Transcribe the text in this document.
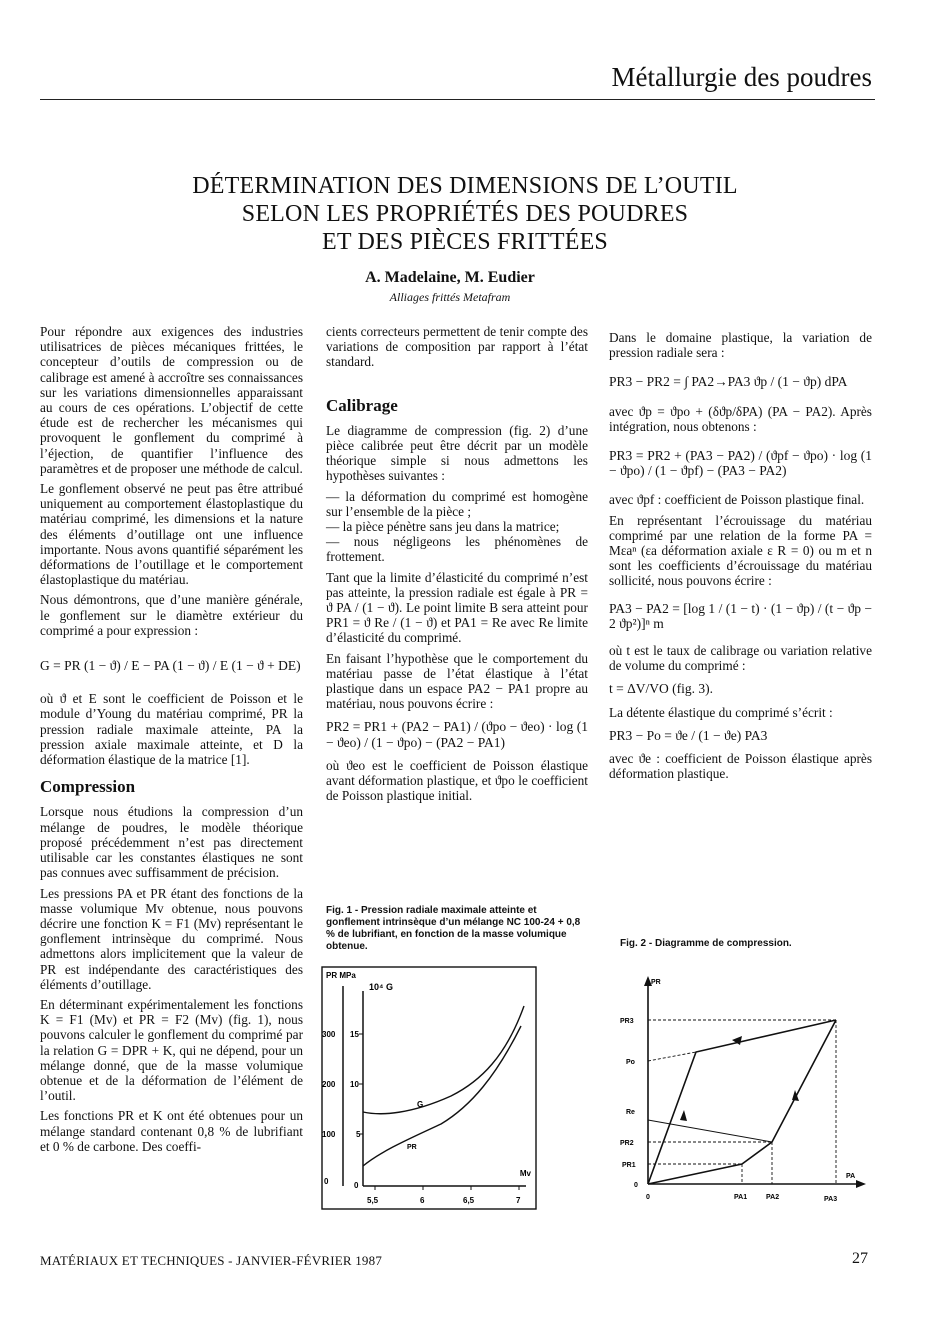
Métallurgie des poudres
DÉTERMINATION DES DIMENSIONS DE L’OUTIL
SELON LES PROPRIÉTÉS DES POUDRES
ET DES PIÈCES FRITTÉES
A. Madelaine, M. Eudier
Alliages frittés Metafram

Pour répondre aux exigences des industries utilisatrices de pièces mécaniques frittées, le concepteur d’outils de compression ou de calibrage est amené à accroître ses connaissances sur les variations dimensionnelles apparaissant au cours de ces opérations. L’objectif de cette étude est de rechercher les mécanismes qui provoquent le gonflement du comprimé à l’éjection, de quantifier l’influence des paramètres et de proposer une méthode de calcul.

Le gonflement observé ne peut pas être attribué uniquement au comportement élastoplastique du matériau comprimé, les dimensions et la nature des éléments d’outillage ont une influence importante. Nous avons quantifié séparément les déformations de l’outillage et le comportement élastoplastique du matériau.

Nous démontrons, que d’une manière générale, le gonflement sur le diamètre extérieur du comprimé a pour expression :

G = PR (1 − ϑ) / E − PA (1 − ϑ) / E (1 − ϑ + DE)

où ϑ et E sont le coefficient de Poisson et le module d’Young du matériau comprimé, PR la pression radiale maximale atteinte, PA la pression axiale maximale atteinte, et D la déformation élastique de la matrice [1].

Compression

Lorsque nous étudions la compression d’un mélange de poudres, le modèle théorique proposé précédemment n’est pas directement utilisable car les constantes élastiques ne sont pas connues avec suffisamment de précision.

Les pressions PA et PR étant des fonctions de la masse volumique Mv obtenue, nous pouvons décrire une fonction K = F1 (Mv) représentant le gonflement intrinsèque du comprimé. Nous admettons alors implicitement que la valeur de PR est indépendante des caractéristiques des éléments d’outillage.

En déterminant expérimentalement les fonctions K = F1 (Mv) et PR = F2 (Mv) (fig. 1), nous pouvons calculer le gonflement du comprimé par la relation G = DPR + K, qui ne dépend, pour un mélange donné, que de la masse volumique obtenue et de la déformation de l’élément de l’outil.

Les fonctions PR et K ont été obtenues pour un mélange standard contenant 0,8 % de lubrifiant et 0 % de carbone. Des coeffi-

cients correcteurs permettent de tenir compte des variations de composition par rapport à l’état standard.

Calibrage

Le diagramme de compression (fig. 2) d’une pièce calibrée peut être décrit par un modèle théorique simple si nous admettons les hypothèses suivantes :

— la déformation du comprimé est homogène sur l’ensemble de la pièce ;
— la pièce pénètre sans jeu dans la matrice;

— nous négligeons les phénomènes de frottement.

Tant que la limite d’élasticité du comprimé n’est pas atteinte, la pression radiale est égale à PR = ϑ PA / (1 − ϑ). Le point limite B sera atteint pour PR1 = ϑ Re / (1 − ϑ) et PA1 = Re avec Re limite d’élasticité du comprimé.

En faisant l’hypothèse que le comportement du matériau passe de l’état élastique à l’état plastique dans un espace PA2 − PA1 propre au matériau, nous pouvons écrire :

PR2 = PR1 + (PA2 − PA1) / (ϑpo − ϑeo) · log (1 − ϑeo) / (1 − ϑpo) − (PA2 − PA1)

où ϑeo est le coefficient de Poisson élastique avant déformation plastique, et ϑpo le coefficient de Poisson plastique initial.

Fig. 1 - Pression radiale maximale atteinte et gonflement intrinsèque d’un mélange NC 100-24 + 0,8 % de lubrifiant, en fonction de la masse volumique obtenue.
PR MPa
10⁴ G
0
100
200
300
0
5
10
15
5,5	6	6,5	7
Mv
G
PR

Dans le domaine plastique, la variation de pression radiale sera :

PR3 − PR2 = ∫ PA2→PA3 ϑp / (1 − ϑp) dPA

avec ϑp = ϑpo + (δϑp/δPA) (PA − PA2). Après intégration, nous obtenons :

PR3 = PR2 + (PA3 − PA2) / (ϑpf − ϑpo) · log (1 − ϑpo) / (1 − ϑpf) − (PA3 − PA2)

avec ϑpf : coefficient de Poisson plastique final.

En représentant l’écrouissage du matériau comprimé par une relation de la forme PA = Mεaⁿ (εa déformation axiale ε R = 0) ou m et n sont les coefficients d’écrouissage du matériau sollicité, nous pouvons écrire :

PA3 − PA2 = [log 1 / (1 − t) · (1 − ϑp) / (t − ϑp − 2 ϑp²)]ⁿ m

où t est le taux de calibrage ou variation relative de volume du comprimé :

t = ΔV/VO (fig. 3).

La détente élastique du comprimé s’écrit :

PR3 − Po = ϑe / (1 − ϑe) PA3

avec ϑe : coefficient de Poisson élastique après déformation plastique.

Fig. 2 - Diagramme de compression.
PR
PA
PR3
Po
Re
PR2
PR1
0
0	PA1	PA2	PA3
MATÉRIAUX ET TECHNIQUES - JANVIER-FÉVRIER 1987	27
